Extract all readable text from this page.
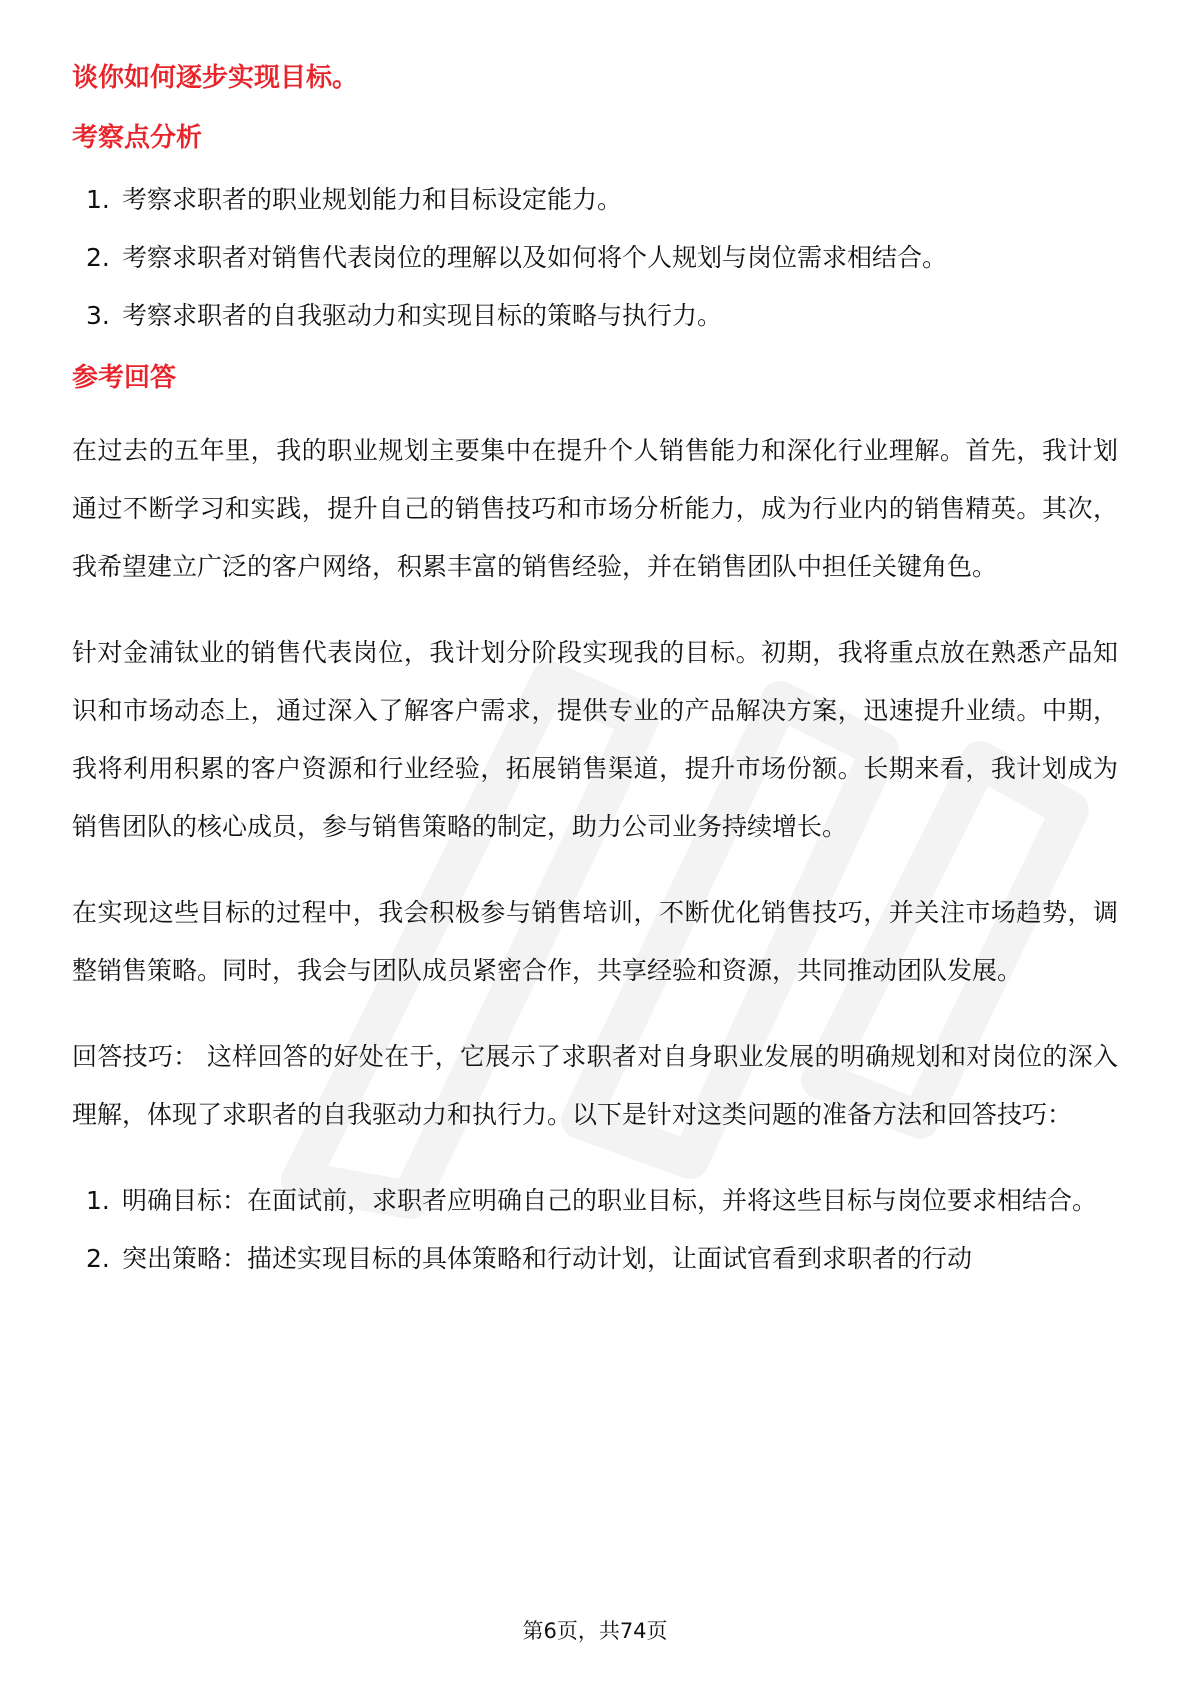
谈你如何逐步实现目标。
考察点分析
1. 考察求职者的职业规划能力和目标设定能力。
2. 考察求职者对销售代表岗位的理解以及如何将个人规划与岗位需求相结合。
3. 考察求职者的自我驱动力和实现目标的策略与执行力。
参考回答

在过去的五年里，我的职业规划主要集中在提升个人销售能力和深化行业理解。首先，我计划通过不断学习和实践，提升自己的销售技巧和市场分析能力，成为行业内的销售精英。其次，我希望建立广泛的客户网络，积累丰富的销售经验，并在销售团队中担任关键角色。

针对金浦钛业的销售代表岗位，我计划分阶段实现我的目标。初期，我将重点放在熟悉产品知识和市场动态上，通过深入了解客户需求，提供专业的产品解决方案，迅速提升业绩。中期，我将利用积累的客户资源和行业经验，拓展销售渠道，提升市场份额。长期来看，我计划成为销售团队的核心成员，参与销售策略的制定，助力公司业务持续增长。

在实现这些目标的过程中，我会积极参与销售培训，不断优化销售技巧，并关注市场趋势，调整销售策略。同时，我会与团队成员紧密合作，共享经验和资源，共同推动团队发展。

回答技巧： 这样回答的好处在于，它展示了求职者对自身职业发展的明确规划和对岗位的深入理解，体现了求职者的自我驱动力和执行力。以下是针对这类问题的准备方法和回答技巧：

1. 明确目标：在面试前，求职者应明确自己的职业目标，并将这些目标与岗位要求相结合。
2. 突出策略：描述实现目标的具体策略和行动计划，让面试官看到求职者的行动
第6页，共74页
